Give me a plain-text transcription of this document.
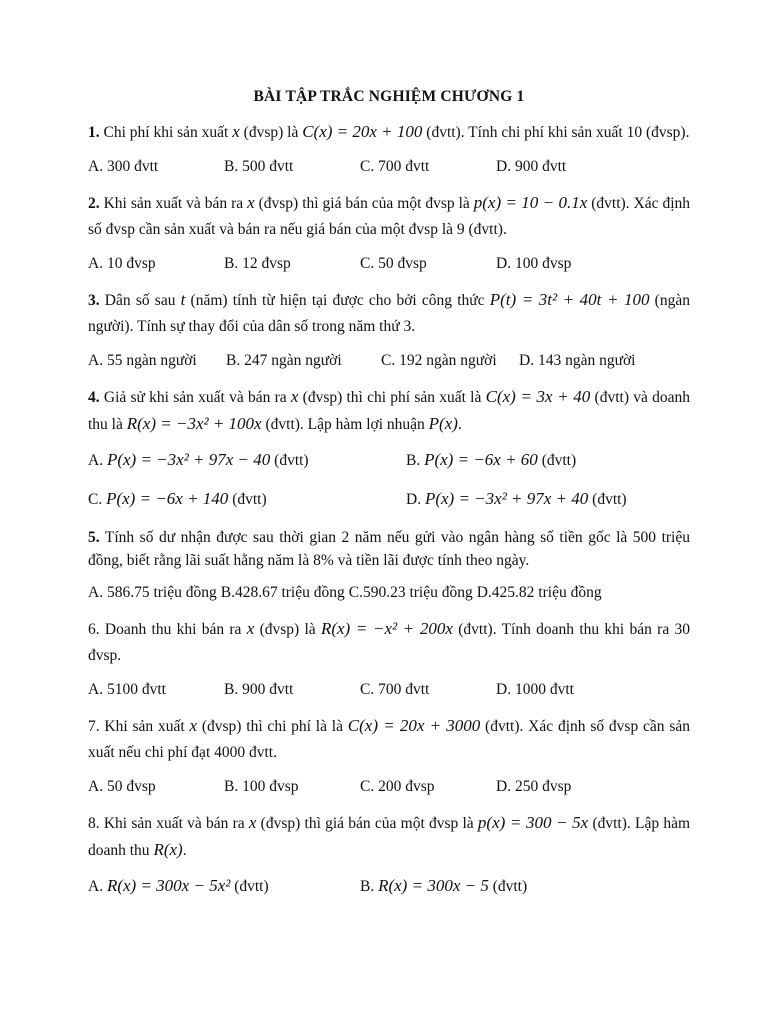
BÀI TẬP TRẮC NGHIỆM CHƯƠNG 1
1. Chi phí khi sản xuất x (đvsp) là C(x) = 20x + 100 (đvtt). Tính chi phí khi sản xuất 10 (đvsp).
A. 300 đvtt	B. 500 đvtt	C. 700 đvtt	D. 900 đvtt
2. Khi sản xuất và bán ra x (đvsp) thì giá bán của một đvsp là p(x) = 10 − 0.1x (đvtt). Xác định số đvsp cần sản xuất và bán ra nếu giá bán của một đvsp là 9 (đvtt).
A. 10 đvsp	B. 12 đvsp	C. 50 đvsp	D. 100 đvsp
3. Dân số sau t (năm) tính từ hiện tại được cho bởi công thức P(t) = 3t² + 40t + 100 (ngàn người). Tính sự thay đổi của dân số trong năm thứ 3.
A. 55 ngàn người	B. 247 ngàn người	C. 192 ngàn người	D. 143 ngàn người
4. Giả sử khi sản xuất và bán ra x (đvsp) thì chi phí sản xuất là C(x) = 3x + 40 (đvtt) và doanh thu là R(x) = −3x² + 100x (đvtt). Lập hàm lợi nhuận P(x).
A. P(x) = −3x² + 97x − 40 (đvtt)	B. P(x) = −6x + 60 (đvtt)
C. P(x) = −6x + 140 (đvtt)	D. P(x) = −3x² + 97x + 40 (đvtt)
5. Tính số dư nhận được sau thời gian 2 năm nếu gửi vào ngân hàng số tiền gốc là 500 triệu đồng, biết rằng lãi suất hằng năm là 8% và tiền lãi được tính theo ngày.
A. 586.75 triệu đồng B.428.67 triệu đồng C.590.23 triệu đồng D.425.82 triệu đồng
6. Doanh thu khi bán ra x (đvsp) là R(x) = −x² + 200x (đvtt). Tính doanh thu khi bán ra 30 đvsp.
A. 5100 đvtt	B. 900 đvtt	C. 700 đvtt	D. 1000 đvtt
7. Khi sản xuất x (đvsp) thì chi phí là là C(x) = 20x + 3000 (đvtt). Xác định số đvsp cần sản xuất nếu chi phí đạt 4000 đvtt.
A. 50 đvsp	B. 100 đvsp	C. 200 đvsp	D. 250 đvsp
8. Khi sản xuất và bán ra x (đvsp) thì giá bán của một đvsp là p(x) = 300 − 5x (đvtt). Lập hàm doanh thu R(x).
A. R(x) = 300x − 5x² (đvtt)	B. R(x) = 300x − 5 (đvtt)
